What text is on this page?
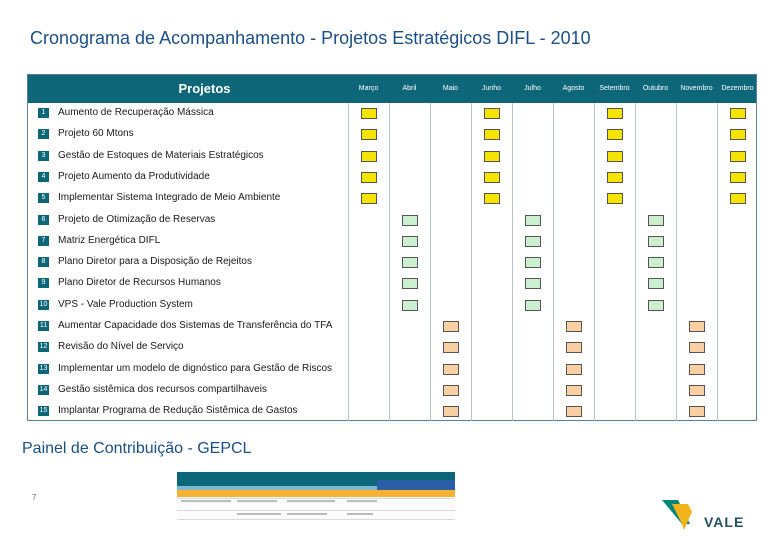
Cronograma de Acompanhamento - Projetos Estratégicos DIFL - 2010
Projetos	Março	Abril	Maio	Junho	Julho	Agosto	Setembro	Outubro	Novembro	Dezembro
1	Aumento de Recuperação Mássica
2	Projeto 60 Mtons
3	Gestão de Estoques de Materiais Estratégicos
4	Projeto Aumento da Produtividade
5	Implementar Sistema Integrado de Meio Ambiente
6	Projeto de Otimização de Reservas
7	Matriz Energética DIFL
8	Plano Diretor para a Disposição de Rejeitos
9	Plano Diretor de Recursos Humanos
10 VPS - Vale Production System
11 Aumentar Capacidade dos Sistemas de Transferência do TFA
12 Revisão do Nível de Serviço
13 Implementar um modelo de dignóstico para Gestão de Riscos
14 Gestão sistêmica dos recursos compartilhaveis
15 Implantar Programa de Redução Sistêmica de Gastos
Painel de Contribuição - GEPCL
7
VALE
